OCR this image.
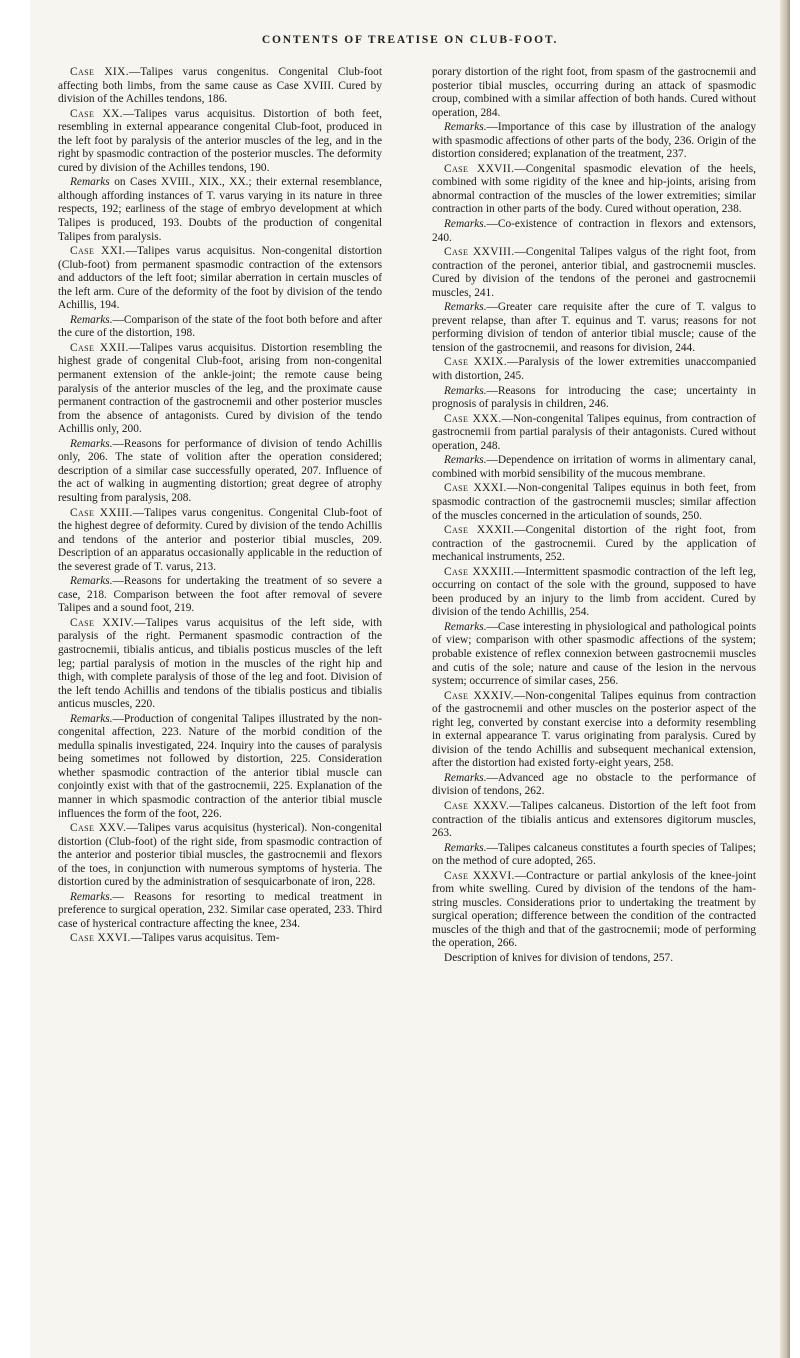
CONTENTS OF TREATISE ON CLUB-FOOT.

Case XIX.—Talipes varus congenitus. Congenital Club-foot affecting both limbs, from the same cause as Case XVIII. Cured by division of the Achilles tendons, 186.

Case XX.—Talipes varus acquisitus. Distortion of both feet, resembling in external appearance congenital Club-foot, produced in the left foot by paralysis of the anterior muscles of the leg, and in the right by spasmodic contraction of the posterior muscles. The deformity cured by division of the Achilles tendons, 190.

Remarks on Cases XVIII., XIX., XX.; their external resemblance, although affording instances of T. varus varying in its nature in three respects, 192; earliness of the stage of embryo development at which Talipes is produced, 193. Doubts of the production of congenital Talipes from paralysis.

Case XXI.—Talipes varus acquisitus. Non-congenital distortion (Club-foot) from permanent spasmodic contraction of the extensors and adductors of the left foot; similar aberration in certain muscles of the left arm. Cure of the deformity of the foot by division of the tendo Achillis, 194.

Remarks.—Comparison of the state of the foot both before and after the cure of the distortion, 198.

Case XXII.—Talipes varus acquisitus. Distortion resembling the highest grade of congenital Club-foot, arising from non-congenital permanent extension of the ankle-joint; the remote cause being paralysis of the anterior muscles of the leg, and the proximate cause permanent contraction of the gastrocnemii and other posterior muscles from the absence of antagonists. Cured by division of the tendo Achillis only, 200.

Remarks.—Reasons for performance of division of tendo Achillis only, 206. The state of volition after the operation considered; description of a similar case successfully operated, 207. Influence of the act of walking in augmenting distortion; great degree of atrophy resulting from paralysis, 208.

Case XXIII.—Talipes varus congenitus. Congenital Club-foot of the highest degree of deformity. Cured by division of the tendo Achillis and tendons of the anterior and posterior tibial muscles, 209. Description of an apparatus occasionally applicable in the reduction of the severest grade of T. varus, 213.

Remarks.—Reasons for undertaking the treatment of so severe a case, 218. Comparison between the foot after removal of severe Talipes and a sound foot, 219.

Case XXIV.—Talipes varus acquisitus of the left side, with paralysis of the right. Permanent spasmodic contraction of the gastrocnemii, tibialis anticus, and tibialis posticus muscles of the left leg; partial paralysis of motion in the muscles of the right hip and thigh, with complete paralysis of those of the leg and foot. Division of the left tendo Achillis and tendons of the tibialis posticus and tibialis anticus muscles, 220.

Remarks.—Production of congenital Talipes illustrated by the non-congenital affection, 223. Nature of the morbid condition of the medulla spinalis investigated, 224. Inquiry into the causes of paralysis being sometimes not followed by distortion, 225. Consideration whether spasmodic contraction of the anterior tibial muscle can conjointly exist with that of the gastrocnemii, 225. Explanation of the manner in which spasmodic contraction of the anterior tibial muscle influences the form of the foot, 226.

Case XXV.—Talipes varus acquisitus (hysterical). Non-congenital distortion (Club-foot) of the right side, from spasmodic contraction of the anterior and posterior tibial muscles, the gastrocnemii and flexors of the toes, in conjunction with numerous symptoms of hysteria. The distortion cured by the administration of sesquicarbonate of iron, 228.

Remarks.— Reasons for resorting to medical treatment in preference to surgical operation, 232. Similar case operated, 233. Third case of hysterical contracture affecting the knee, 234.

Case XXVI.—Talipes varus acquisitus. Tem-

porary distortion of the right foot, from spasm of the gastrocnemii and posterior tibial muscles, occurring during an attack of spasmodic croup, combined with a similar affection of both hands. Cured without operation, 284.

Remarks.—Importance of this case by illustration of the analogy with spasmodic affections of other parts of the body, 236. Origin of the distortion considered; explanation of the treatment, 237.

Case XXVII.—Congenital spasmodic elevation of the heels, combined with some rigidity of the knee and hip-joints, arising from abnormal contraction of the muscles of the lower extremities; similar contraction in other parts of the body. Cured without operation, 238.

Remarks.—Co-existence of contraction in flexors and extensors, 240.

Case XXVIII.—Congenital Talipes valgus of the right foot, from contraction of the peronei, anterior tibial, and gastrocnemii muscles. Cured by division of the tendons of the peronei and gastrocnemii muscles, 241.

Remarks.—Greater care requisite after the cure of T. valgus to prevent relapse, than after T. equinus and T. varus; reasons for not performing division of tendon of anterior tibial muscle; cause of the tension of the gastrocnemii, and reasons for division, 244.

Case XXIX.—Paralysis of the lower extremities unaccompanied with distortion, 245.

Remarks.—Reasons for introducing the case; uncertainty in prognosis of paralysis in children, 246.

Case XXX.—Non-congenital Talipes equinus, from contraction of gastrocnemii from partial paralysis of their antagonists. Cured without operation, 248.

Remarks.—Dependence on irritation of worms in alimentary canal, combined with morbid sensibility of the mucous membrane.

Case XXXI.—Non-congenital Talipes equinus in both feet, from spasmodic contraction of the gastrocnemii muscles; similar affection of the muscles concerned in the articulation of sounds, 250.

Case XXXII.—Congenital distortion of the right foot, from contraction of the gastrocnemii. Cured by the application of mechanical instruments, 252.

Case XXXIII.—Intermittent spasmodic contraction of the left leg, occurring on contact of the sole with the ground, supposed to have been produced by an injury to the limb from accident. Cured by division of the tendo Achillis, 254.

Remarks.—Case interesting in physiological and pathological points of view; comparison with other spasmodic affections of the system; probable existence of reflex connexion between gastrocnemii muscles and cutis of the sole; nature and cause of the lesion in the nervous system; occurrence of similar cases, 256.

Case XXXIV.—Non-congenital Talipes equinus from contraction of the gastrocnemii and other muscles on the posterior aspect of the right leg, converted by constant exercise into a deformity resembling in external appearance T. varus originating from paralysis. Cured by division of the tendo Achillis and subsequent mechanical extension, after the distortion had existed forty-eight years, 258.

Remarks.—Advanced age no obstacle to the performance of division of tendons, 262.

Case XXXV.—Talipes calcaneus. Distortion of the left foot from contraction of the tibialis anticus and extensores digitorum muscles, 263.

Remarks.—Talipes calcaneus constitutes a fourth species of Talipes; on the method of cure adopted, 265.

Case XXXVI.—Contracture or partial ankylosis of the knee-joint from white swelling. Cured by division of the tendons of the ham-string muscles. Considerations prior to undertaking the treatment by surgical operation; difference between the condition of the contracted muscles of the thigh and that of the gastrocnemii; mode of performing the operation, 266.

Description of knives for division of tendons, 257.
